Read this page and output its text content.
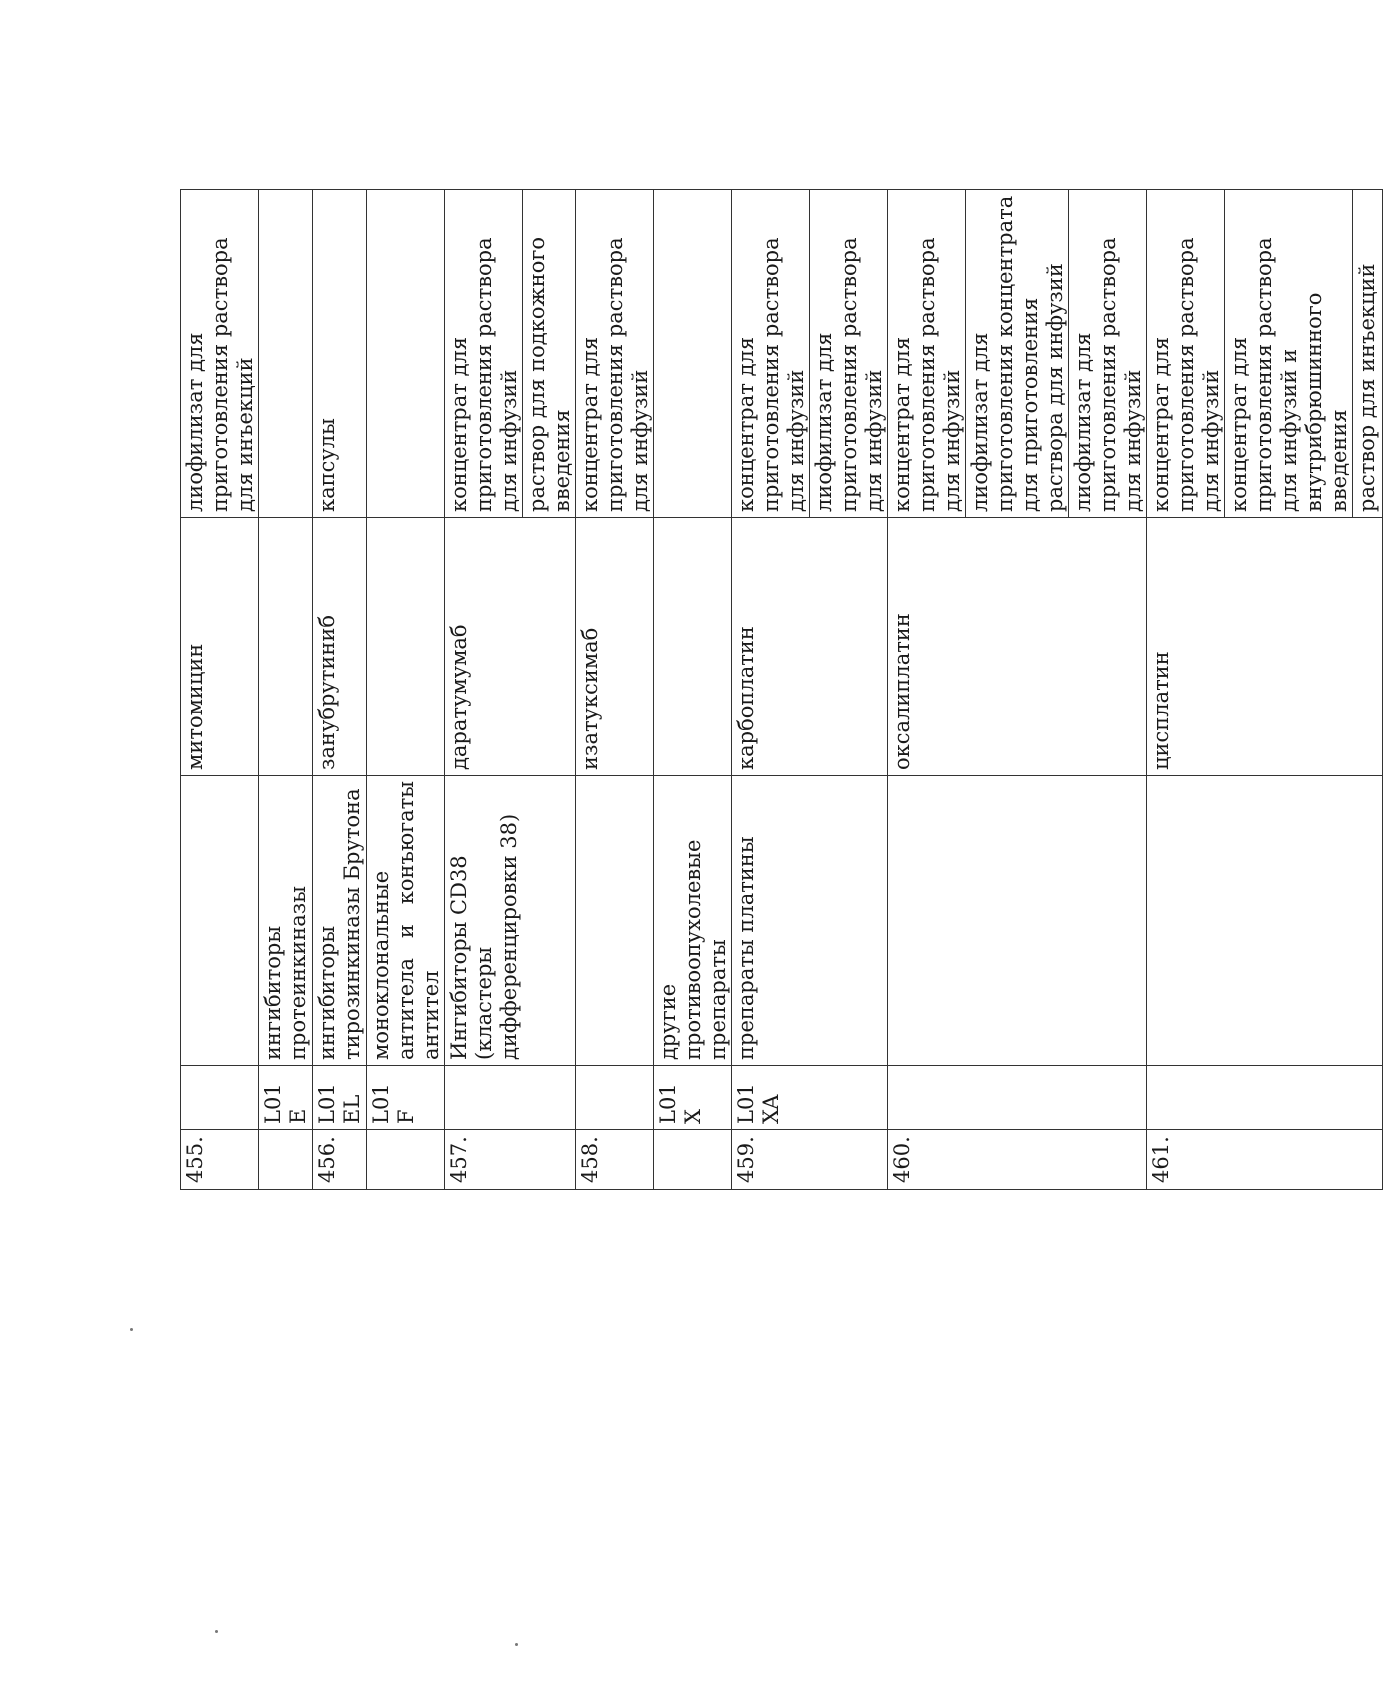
455.			митомицин	лиофилизат для приготовления раствора для инъекций
	L01E	ингибиторы протеинкиназы		
456.	L01EL	ингибиторы тирозинкиназы Брутона	занубрутиниб	капсулы
	L01F	моноклональные антитела и конъюгаты антител		

457.		Ингибиторы CD38 (кластеры дифференцировки 38)	даратумумаб	концентрат для приготовления раствора для инфузий
				раствор для подкожного введения
458.			изатуксимаб	концентрат для приготовления раствора для инфузий
	L01X	другие противоопухолевые препараты		
459.	L01XA	препараты платины	карбоплатин	концентрат для приготовления раствора для инфузий
				лиофилизат для приготовления раствора для инфузий
460.			оксалиплатин	концентрат для приготовления раствора для инфузий
				лиофилизат для приготовления концентрата для приготовления раствора для инфузий
				лиофилизат для приготовления раствора для инфузий
461.			цисплатин	концентрат для приготовления раствора для инфузий
				концентрат для приготовления раствора для инфузий и внутрибрюшинного введения
				раствор для инъекций
